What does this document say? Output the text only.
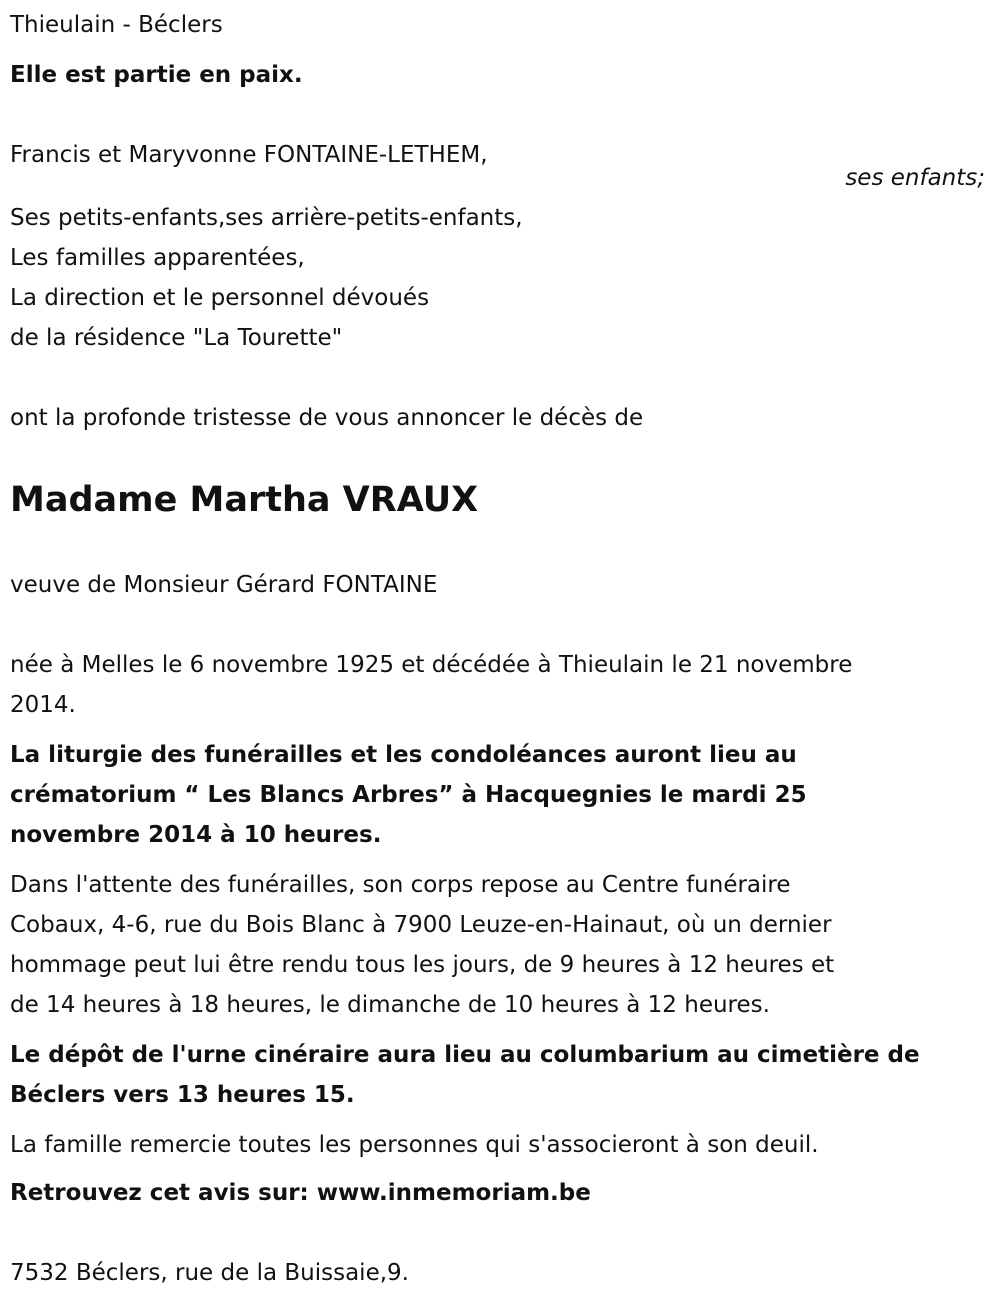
Thieulain - Béclers
Elle est partie en paix.
Francis et Maryvonne FONTAINE-LETHEM,
ses enfants;
Ses petits-enfants,ses arrière-petits-enfants,
Les familles apparentées,
La direction et le personnel dévoués
de la résidence "La Tourette"
ont la profonde tristesse de vous annoncer le décès de
Madame Martha VRAUX
veuve de Monsieur Gérard FONTAINE
née à Melles le 6 novembre 1925 et décédée à Thieulain le 21 novembre
2014.
La liturgie des funérailles et les condoléances auront lieu au
crématorium “ Les Blancs Arbres” à Hacquegnies le mardi 25
novembre 2014 à 10 heures.
Dans l'attente des funérailles, son corps repose au Centre funéraire
Cobaux, 4-6, rue du Bois Blanc à 7900 Leuze-en-Hainaut, où un dernier
hommage peut lui être rendu tous les jours, de 9 heures à 12 heures et
de 14 heures à 18 heures, le dimanche de 10 heures à 12 heures.
Le dépôt de l'urne cinéraire aura lieu au columbarium au cimetière de
Béclers vers 13 heures 15.
La famille remercie toutes les personnes qui s'associeront à son deuil.
Retrouvez cet avis sur: www.inmemoriam.be
7532 Béclers, rue de la Buissaie,9.
